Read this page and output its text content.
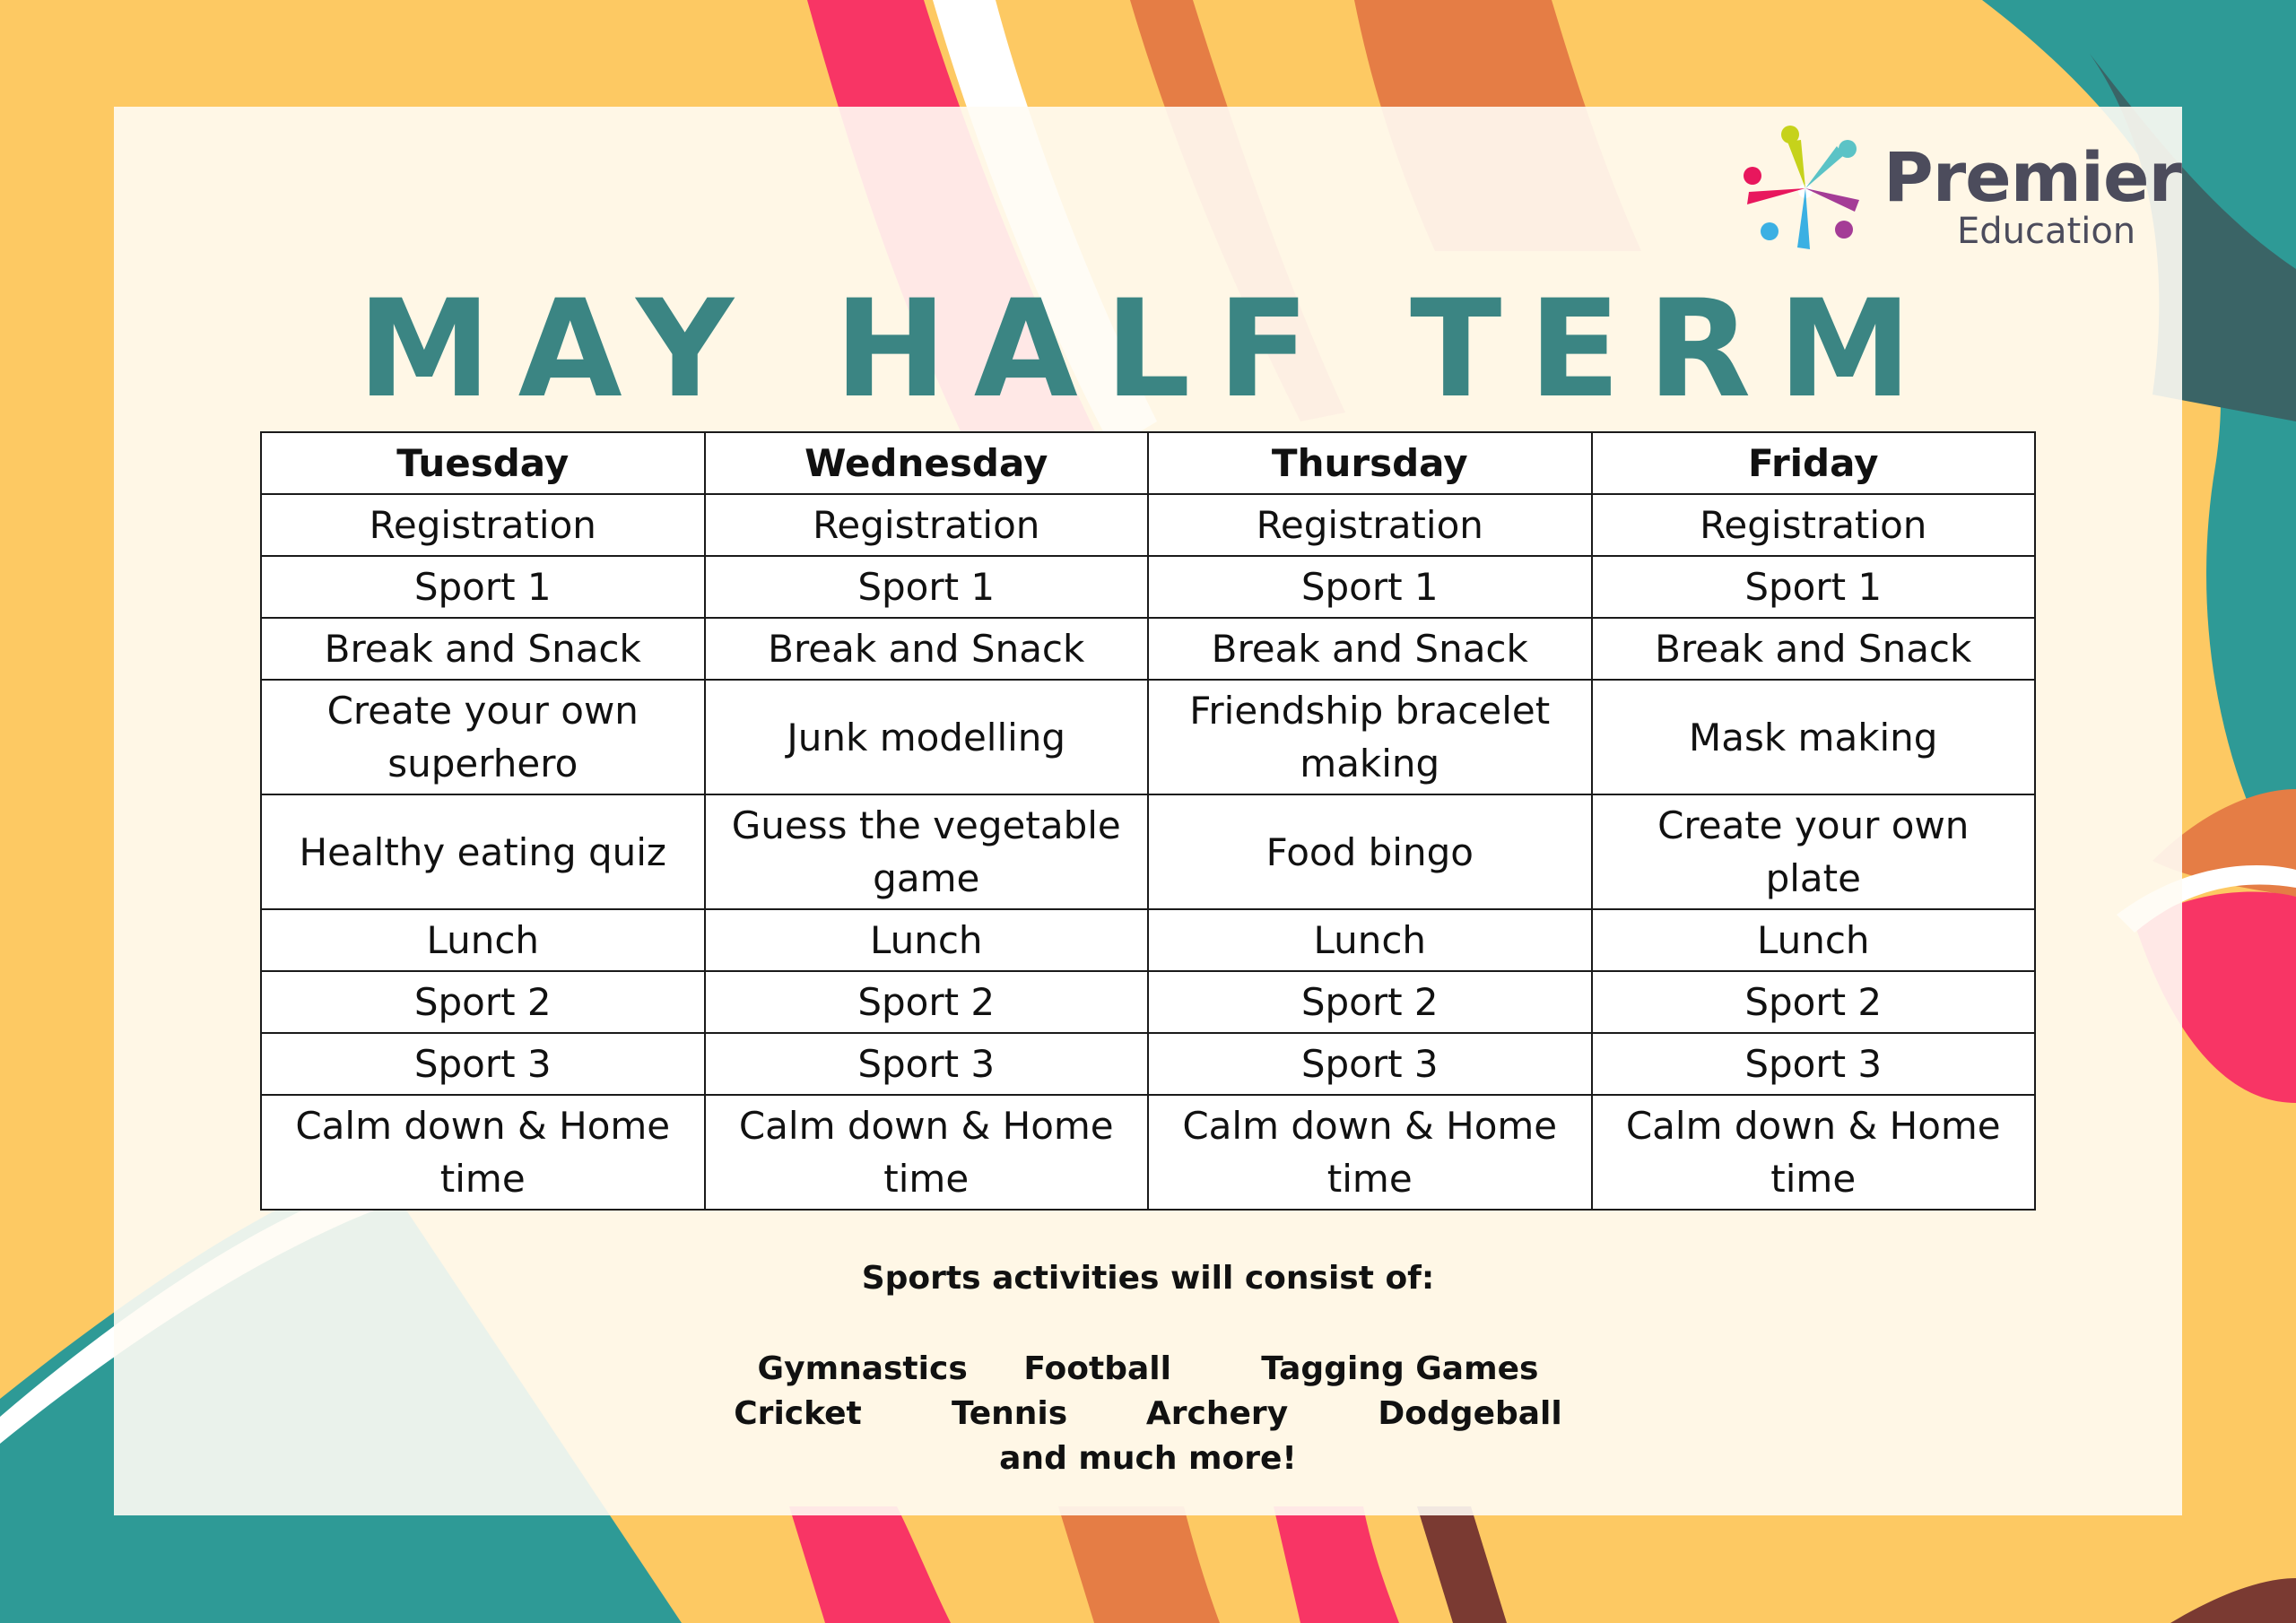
Premier
Education
MAY HALF TERM
Tuesday	Wednesday	Thursday	Friday
Registration	Registration	Registration	Registration
Sport 1	Sport 1	Sport 1	Sport 1
Break and Snack	Break and Snack	Break and Snack	Break and Snack
Create your own superhero	Junk modelling	Friendship bracelet making	Mask making
Healthy eating quiz	Guess the vegetable game	Food bingo	Create your own plate
Lunch	Lunch	Lunch	Lunch
Sport 2	Sport 2	Sport 2	Sport 2
Sport 3	Sport 3	Sport 3	Sport 3
Calm down & Home time	Calm down & Home time	Calm down & Home time	Calm down & Home time
Sports activities will consist of:
Gymnastics     Football        Tagging Games
Cricket        Tennis       Archery        Dodgeball
and much more!
